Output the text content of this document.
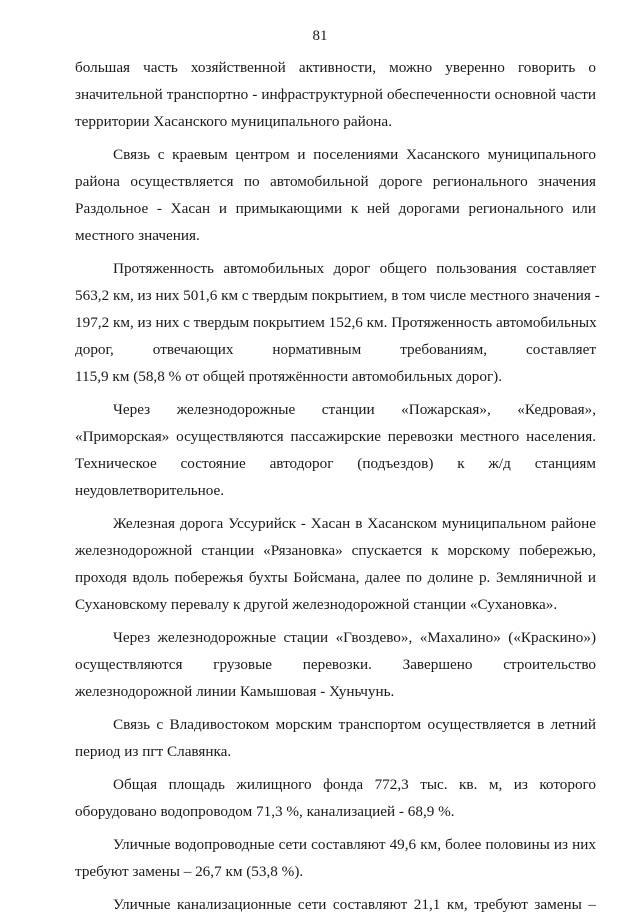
81
большая часть хозяйственной активности, можно уверенно говорить о
значительной транспортно - инфраструктурной обеспеченности основной части
территории Хасанского муниципального района.
Связь с краевым центром и поселениями Хасанского муниципального
района осуществляется по автомобильной дороге регионального значения
Раздольное - Хасан и примыкающими к ней дорогами регионального или
местного значения.
Протяженность автомобильных дорог общего пользования составляет
563,2 км, из них 501,6 км с твердым покрытием, в том числе местного значения -
197,2 км, из них с твердым покрытием 152,6 км. Протяженность автомобильных
дорог, отвечающих нормативным требованиям, составляет
115,9 км (58,8 % от общей протяжённости автомобильных дорог).
Через железнодорожные станции «Пожарская», «Кедровая»,
«Приморская» осуществляются пассажирские перевозки местного населения.
Техническое состояние автодорог (подъездов) к ж/д станциям
неудовлетворительное.
Железная дорога Уссурийск - Хасан в Хасанском муниципальном районе
железнодорожной станции «Рязановка» спускается к морскому побережью,
проходя вдоль побережья бухты Бойсмана, далее по долине р. Земляничной и
Сухановскому перевалу к другой железнодорожной станции «Сухановка».
Через железнодорожные стации «Гвоздево», «Махалино» («Краскино»)
осуществляются грузовые перевозки. Завершено строительство
железнодорожной линии Камышовая - Хуньчунь.
Связь с Владивостоком морским транспортом осуществляется в летний
период из пгт Славянка.
Общая площадь жилищного фонда 772,3 тыс. кв. м, из которого
оборудовано водопроводом 71,3 %, канализацией - 68,9 %.
Уличные водопроводные сети составляют 49,6 км, более половины из них
требуют замены – 26,7 км (53,8 %).
Уличные канализационные сети составляют 21,1 км, требуют замены –
